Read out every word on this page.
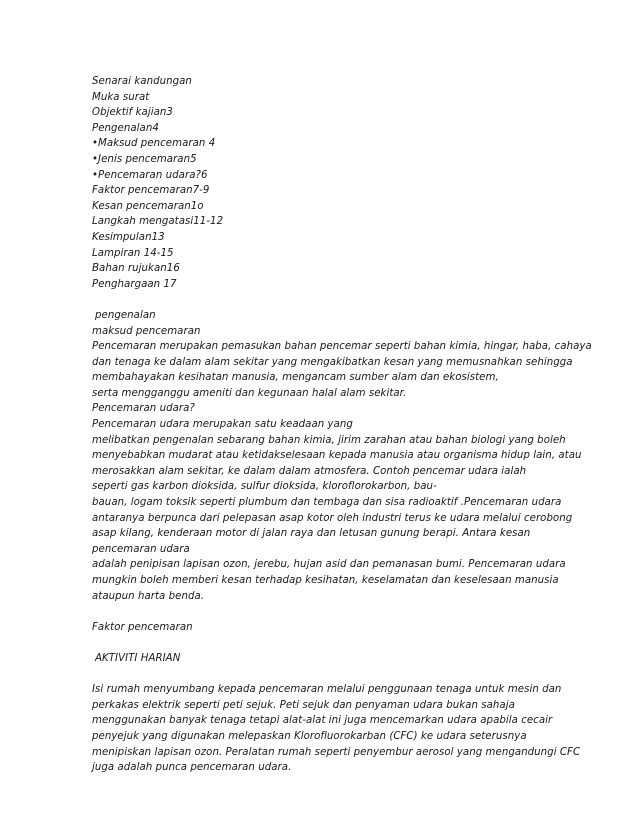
Senarai kandungan
Muka surat
Objektif kajian3
Pengenalan4
•Maksud pencemaran 4
•Jenis pencemaran5
•Pencemaran udara?6
Faktor pencemaran7-9
Kesan pencemaran1o
Langkah mengatasi11-12
Kesimpulan13
Lampiran 14-15
Bahan rujukan16
Penghargaan 17
pengenalan
maksud pencemaran
Pencemaran merupakan pemasukan bahan pencemar seperti bahan kimia, hingar, haba, cahaya
dan tenaga ke dalam alam sekitar yang mengakibatkan kesan yang memusnahkan sehingga
membahayakan kesihatan manusia, mengancam sumber alam dan ekosistem,
serta mengganggu ameniti dan kegunaan halal alam sekitar.
Pencemaran udara?
Pencemaran udara merupakan satu keadaan yang
melibatkan pengenalan sebarang bahan kimia, jirim zarahan atau bahan biologi yang boleh
menyebabkan mudarat atau ketidakselesaan kepada manusia atau organisma hidup lain, atau
merosakkan alam sekitar, ke dalam dalam atmosfera. Contoh pencemar udara ialah
seperti gas karbon dioksida, sulfur dioksida, kloroflorokarbon, bau-
bauan, logam toksik seperti plumbum dan tembaga dan sisa radioaktif .Pencemaran udara
antaranya berpunca dari pelepasan asap kotor oleh industri terus ke udara melalui cerobong
asap kilang, kenderaan motor di jalan raya dan letusan gunung berapi. Antara kesan
pencemaran udara
adalah penipisan lapisan ozon, jerebu, hujan asid dan pemanasan bumi. Pencemaran udara
mungkin boleh memberi kesan terhadap kesihatan, keselamatan dan keselesaan manusia
ataupun harta benda.
Faktor pencemaran
AKTIVITI HARIAN
Isi rumah menyumbang kepada pencemaran melalui penggunaan tenaga untuk mesin dan
perkakas elektrik seperti peti sejuk. Peti sejuk dan penyaman udara bukan sahaja
menggunakan banyak tenaga tetapi alat-alat ini juga mencemarkan udara apabila cecair
penyejuk yang digunakan melepaskan Klorofluorokarban (CFC) ke udara seterusnya
menipiskan lapisan ozon. Peralatan rumah seperti penyembur aerosol yang mengandungi CFC
juga adalah punca pencemaran udara.
